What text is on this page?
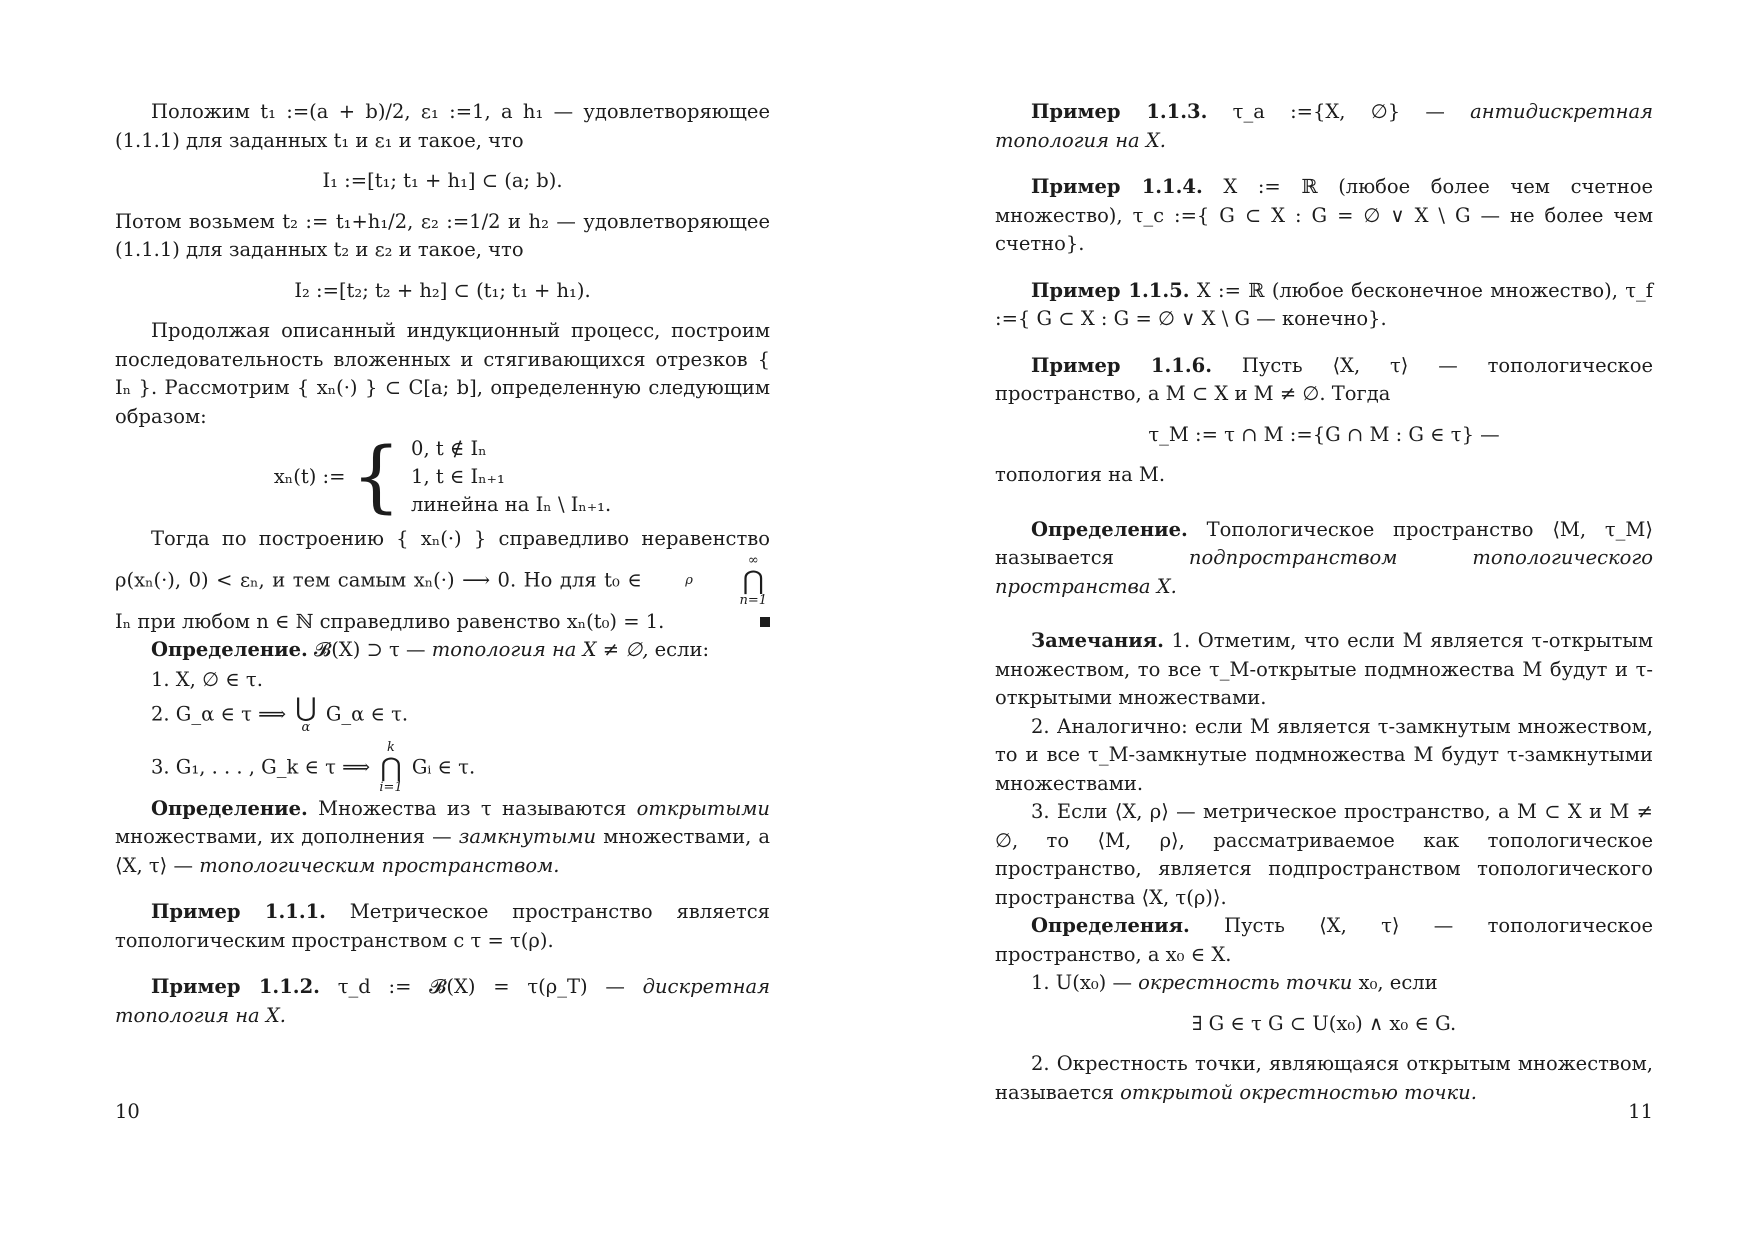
Положим t₁ :=(a + b)/2, ε₁ :=1, а h₁ — удовлетворяющее (1.1.1) для заданных t₁ и ε₁ и такое, что

I₁ :=[t₁; t₁ + h₁] ⊂ (a; b).

Потом возьмем t₂ := t₁+h₁/2, ε₂ :=1/2 и h₂ — удовлетворяющее (1.1.1) для заданных t₂ и ε₂ и такое, что

I₂ :=[t₂; t₂ + h₂] ⊂ (t₁; t₁ + h₁).

Продолжая описанный индукционный процесс, построим последовательность вложенных и стягивающихся отрезков { Iₙ }. Рассмотрим { xₙ(·) } ⊂ C[a; b], определенную следующим образом:

xₙ(t) := { 0, t ∉ Iₙ
1, t ∈ Iₙ₊₁
линейна на Iₙ \ Iₙ₊₁.

Тогда по построению { xₙ(·) } справедливо неравенство ρ(xₙ(·), 0) < εₙ, и тем самым xₙ(·) ⟶ 0. Но для t₀ ∈	ρ

∞
⋂
n=1
Iₙ при любом n ∈ ℕ справедливо равенство xₙ(t₀) = 1.

Определение. 𝓑(X) ⊃ τ — топология на X ≠ ∅, если:

1. X, ∅ ∈ τ.
2. G_α ∈ τ ⟹ ⋃
α
G_α ∈ τ.
3. G₁, . . . , G_k ∈ τ ⟹
k
⋂
i=1
Gᵢ ∈ τ.

Определение. Множества из τ называются открытыми множествами, их дополнения — замкнутыми множествами, а ⟨X, τ⟩ — топологическим пространством.

Пример 1.1.1. Метрическое пространство является топологическим пространством с τ = τ(ρ).

Пример 1.1.2. τ_d := 𝓑(X) = τ(ρ_T) — дискретная топология на X.

10

Пример 1.1.3. τ_a :={X, ∅} — антидискретная топология на X.

Пример 1.1.4. X := ℝ (любое более чем счетное множество), τ_c :={ G ⊂ X : G = ∅ ∨ X \ G — не более чем счетно}.

Пример 1.1.5. X := ℝ (любое бесконечное множество), τ_f :={ G ⊂ X : G = ∅ ∨ X \ G — конечно}.

Пример 1.1.6. Пусть ⟨X, τ⟩ — топологическое пространство, а M ⊂ X и M ≠ ∅. Тогда

τ_M := τ ∩ M :={G ∩ M : G ∈ τ} —

топология на M.

Определение. Топологическое пространство ⟨M, τ_M⟩ называется	подпространством топологического пространства X.

Замечания. 1. Отметим, что если M является τ-открытым множеством, то все τ_M-открытые подмножества M будут и τ-открытыми множествами.

2. Аналогично: если M является τ-замкнутым множеством, то и все τ_M-замкнутые подмножества M будут τ-замкнутыми множествами.

3. Если ⟨X, ρ⟩ — метрическое пространство, а M ⊂ X и M ≠ ∅, то ⟨M, ρ⟩, рассматриваемое как топологическое пространство, является подпространством топологического пространства ⟨X, τ(ρ)⟩.

Определения. Пусть ⟨X, τ⟩ — топологическое пространство, а x₀ ∈ X.

1. U(x₀) — окрестность точки x₀, если

∃ G ∈ τ G ⊂ U(x₀) ∧ x₀ ∈ G.

2. Окрестность точки, являющаяся открытым множеством, называется открытой окрестностью точки.

11
